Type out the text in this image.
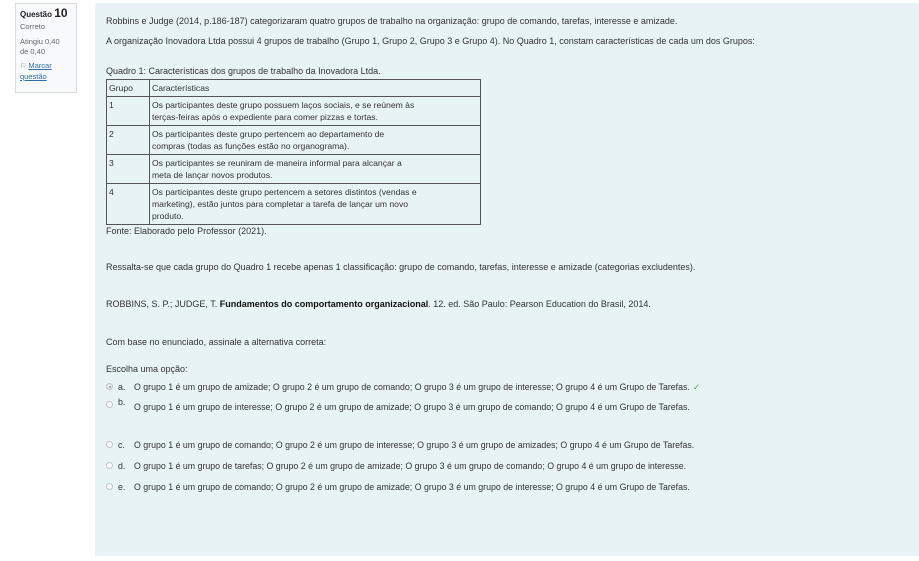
Questão 10
Correto
Atingiu 0,40
de 0,40
⚐ Marcar
questão

Robbins e Judge (2014, p.186-187) categorizaram quatro grupos de trabalho na organização: grupo de comando, tarefas, interesse e amizade.

A organização Inovadora Ltda possui 4 grupos de trabalho (Grupo 1, Grupo 2, Grupo 3 e Grupo 4). No Quadro 1, constam características de cada um dos Grupos:

Quadro 1: Características dos grupos de trabalho da Inovadora Ltda.

Grupo	Características
1	Os participantes deste grupo possuem laços sociais, e se reúnem às
terças-feiras após o expediente para comer pizzas e tortas.

2	Os participantes deste grupo pertencem ao departamento de
compras (todas as funções estão no organograma).

3	Os participantes se reuniram de maneira informal para alcançar a
meta de lançar novos produtos.

4	Os participantes deste grupo pertencem a setores distintos (vendas e
marketing), estão juntos para completar a tarefa de lançar um novo
produto.

Fonte: Elaborado pelo Professor (2021).

Ressalta-se que cada grupo do Quadro 1 recebe apenas 1 classificação: grupo de comando, tarefas, interesse e amizade (categorias excludentes).

ROBBINS, S. P.; JUDGE, T. Fundamentos do comportamento organizacional. 12. ed. São Paulo: Pearson Education do Brasil, 2014.

Com base no enunciado, assinale a alternativa correta:

Escolha uma opção:

a. O grupo 1 é um grupo de amizade; O grupo 2 é um grupo de comando; O grupo 3 é um grupo de interesse; O grupo 4 é um Grupo de Tarefas. ✓
b. O grupo 1 é um grupo de interesse; O grupo 2 é um grupo de amizade; O grupo 3 é um grupo de comando; O grupo 4 é um Grupo de Tarefas.
c.	O grupo 1 é um grupo de comando; O grupo 2 é um grupo de interesse; O grupo 3 é um grupo de amizades; O grupo 4 é um Grupo de Tarefas.
d. O grupo 1 é um grupo de tarefas; O grupo 2 é um grupo de amizade; O grupo 3 é um grupo de comando; O grupo 4 é um grupo de interesse.
e. O grupo 1 é um grupo de comando; O grupo 2 é um grupo de amizade; O grupo 3 é um grupo de interesse; O grupo 4 é um Grupo de Tarefas.
